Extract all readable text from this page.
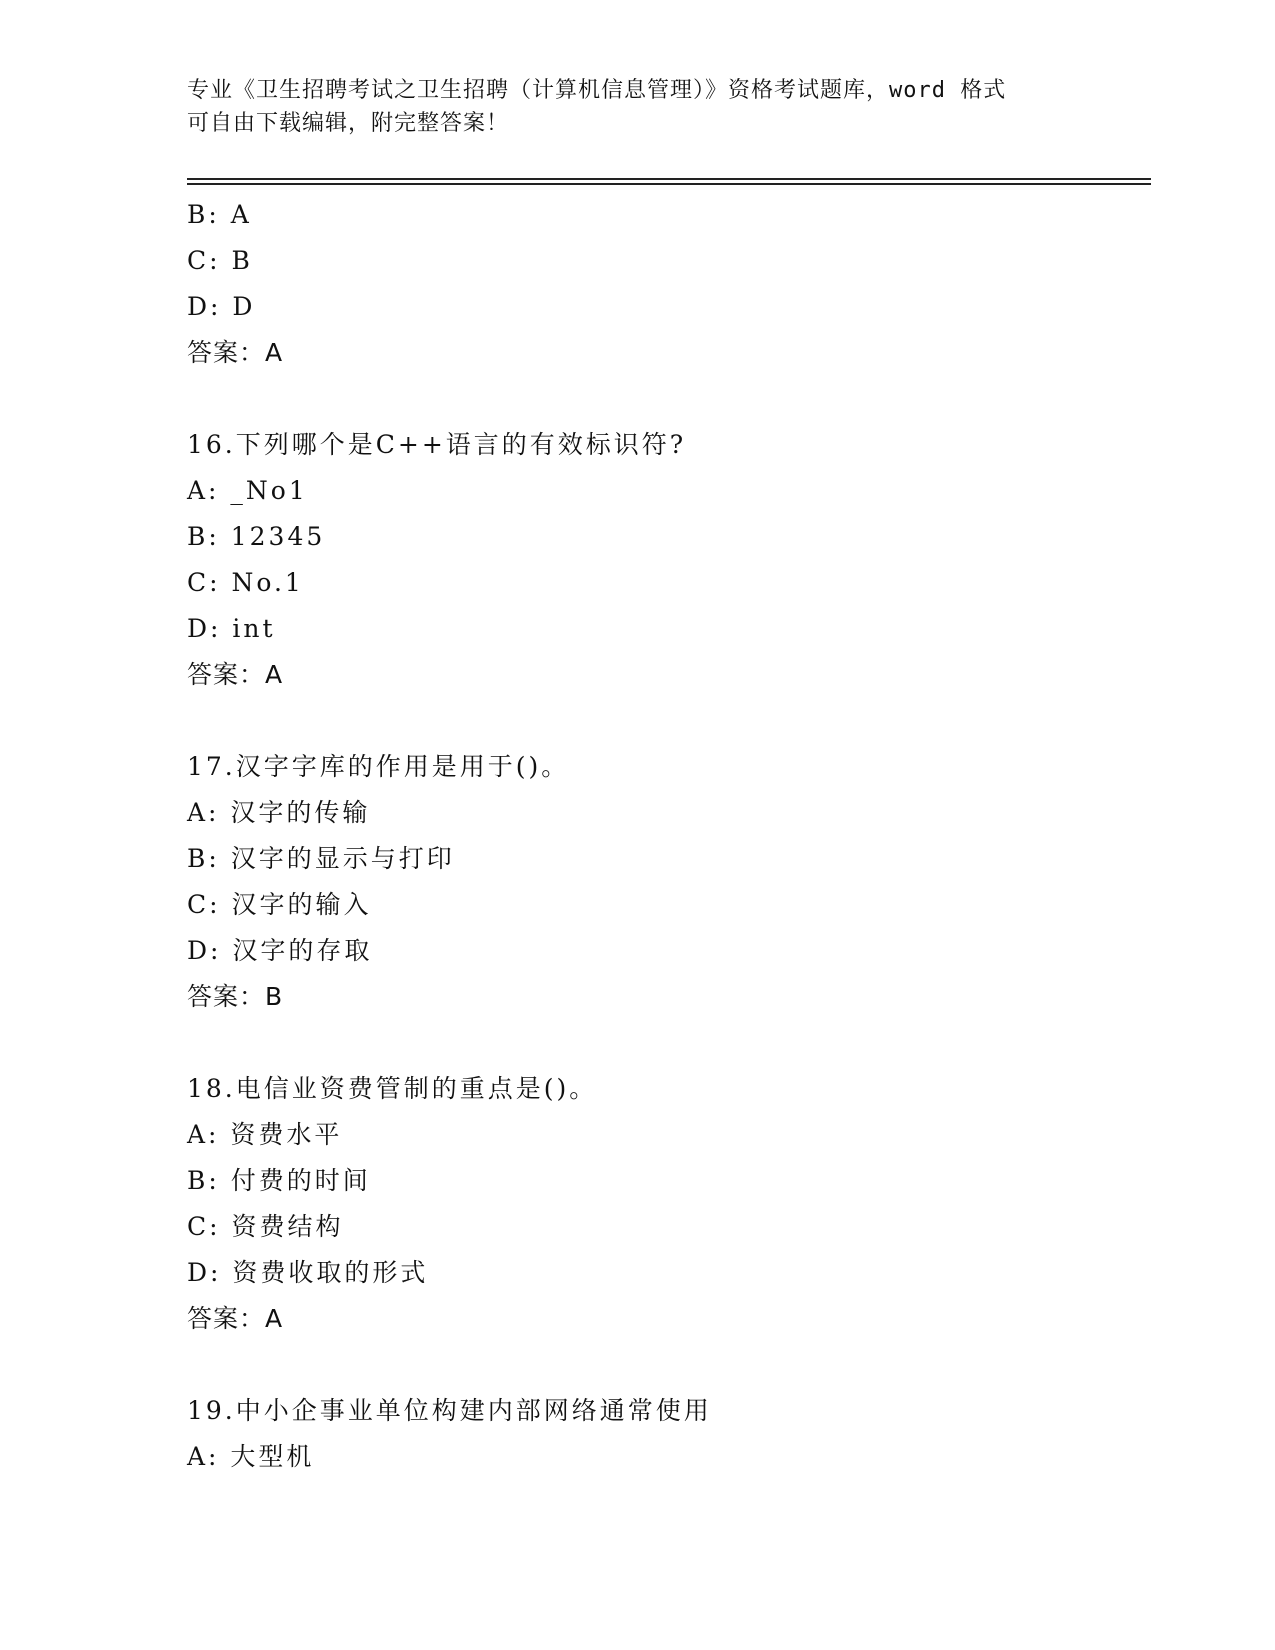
专业《卫生招聘考试之卫生招聘（计算机信息管理）》资格考试题库，word 格式
可自由下载编辑，附完整答案！
B: A
C: B
D: D
答案：A
16.下列哪个是C++语言的有效标识符?
A: _No1
B: 12345
C: No.1
D: int
答案：A
17.汉字字库的作用是用于()。
A: 汉字的传输
B: 汉字的显示与打印
C: 汉字的输入
D: 汉字的存取
答案：B
18.电信业资费管制的重点是()。
A: 资费水平
B: 付费的时间
C: 资费结构
D: 资费收取的形式
答案：A
19.中小企事业单位构建内部网络通常使用
A: 大型机
